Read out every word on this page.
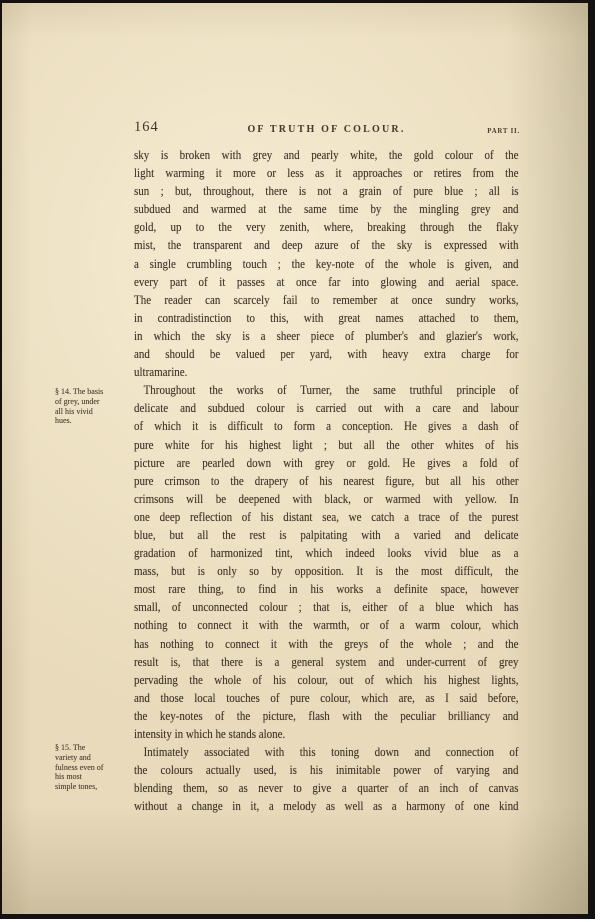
164	OF TRUTH OF COLOUR.	PART II.
§ 14. The basis
of grey, under
all his vivid
hues.
§ 15. The
variety and
fulness even of
his most
simple tones,
sky is broken with grey and pearly white, the gold colour of the
light warming it more or less as it approaches or retires from the
sun ; but, throughout, there is not a grain of pure blue ; all is
subdued and warmed at the same time by the mingling grey and
gold, up to the very zenith, where, breaking through the flaky
mist, the transparent and deep azure of the sky is expressed with
a single crumbling touch ; the key-note of the whole is given, and
every part of it passes at once far into glowing and aerial space.
The reader can scarcely fail to remember at once sundry works,
in contradistinction to this, with great names attached to them,
in which the sky is a sheer piece of plumber's and glazier's work,
and should be valued per yard, with heavy extra charge for
ultramarine.
Throughout the works of Turner, the same truthful principle of
delicate and subdued colour is carried out with a care and labour
of which it is difficult to form a conception. He gives a dash of
pure white for his highest light ; but all the other whites of his
picture are pearled down with grey or gold. He gives a fold of
pure crimson to the drapery of his nearest figure, but all his other
crimsons will be deepened with black, or warmed with yellow. In
one deep reflection of his distant sea, we catch a trace of the purest
blue, but all the rest is palpitating with a varied and delicate
gradation of harmonized tint, which indeed looks vivid blue as a
mass, but is only so by opposition. It is the most difficult, the
most rare thing, to find in his works a definite space, however
small, of unconnected colour ; that is, either of a blue which has
nothing to connect it with the warmth, or of a warm colour, which
has nothing to connect it with the greys of the whole ; and the
result is, that there is a general system and under-current of grey
pervading the whole of his colour, out of which his highest lights,
and those local touches of pure colour, which are, as I said before,
the key-notes of the picture, flash with the peculiar brilliancy and
intensity in which he stands alone.
Intimately associated with this toning down and connection of
the colours actually used, is his inimitable power of varying and
blending them, so as never to give a quarter of an inch of canvas
without a change in it, a melody as well as a harmony of one kind
